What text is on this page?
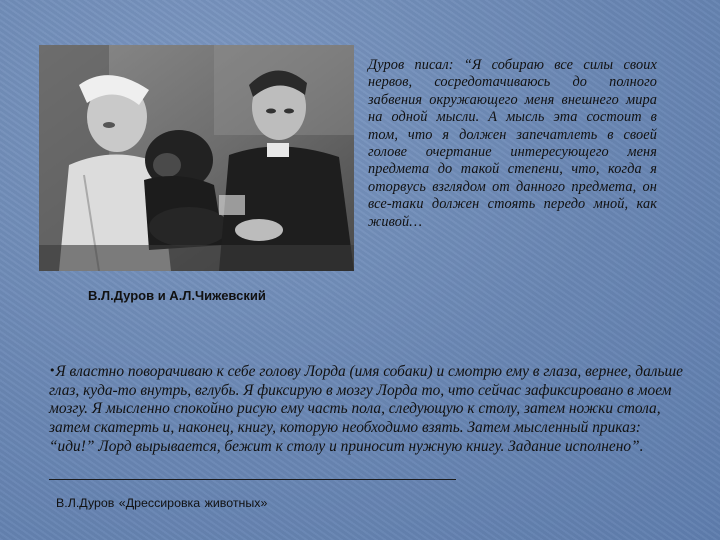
В.Л.Дуров и А.Л.Чижевский
Дуров писал: “Я собираю все силы своих нервов, сосредотачиваюсь до полного забвения окружающего меня внешнего мира на одной мысли. А мысль эта состоит в том, что я должен запечатлеть в своей голове очертание интересующего меня предмета до такой степени, что, когда я оторвусь взглядом от данного предмета, он все-таки должен стоять передо мной, как живой…
•Я властно поворачиваю к себе голову Лорда (имя собаки) и смотрю ему в глаза, вернее, дальше глаз, куда-то внутрь, вглубь. Я фиксирую в мозгу Лорда то, что сейчас зафиксировано в моем мозгу. Я мысленно спокойно рисую ему часть пола, следующую к столу, затем ножки стола, затем скатерть и, наконец, книгу, которую необходимо взять. Затем мысленный приказ: “иди!” Лорд вырывается, бежит к столу и приносит нужную книгу. Задание исполнено”.
В.Л.Дуров «Дрессировка животных»
